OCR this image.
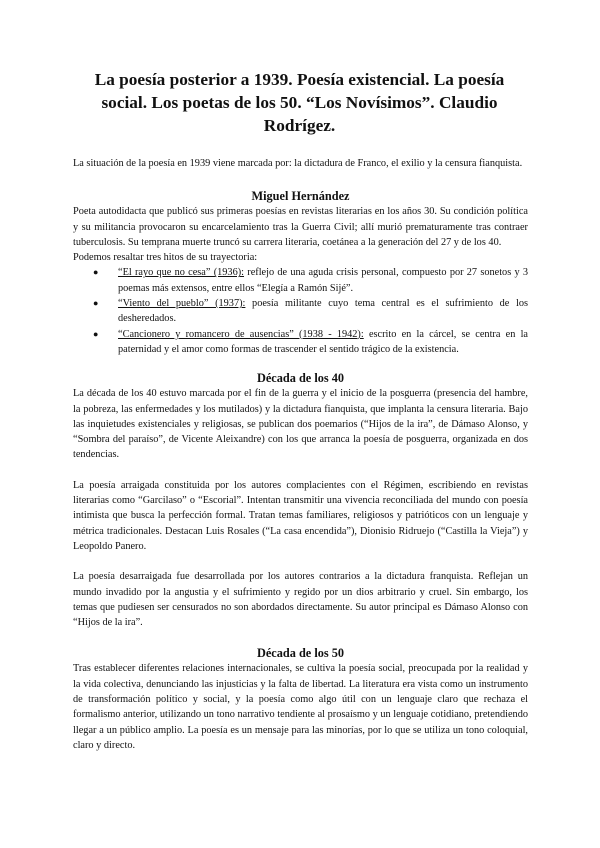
La poesía posterior a 1939. Poesía existencial. La poesía social. Los poetas de los 50. “Los Novísimos”. Claudio Rodrígez.

La situación de la poesía en 1939 viene marcada por: la dictadura de Franco, el exilio y la censura fianquista.

Miguel Hernández

Poeta autodidacta que publicó sus primeras poesías en revistas literarias en los años 30. Su condición política y su militancia provocaron su encarcelamiento tras la Guerra Civil; allí murió prematuramente tras contraer tuberculosis. Su temprana muerte truncó su carrera literaria, coetánea a la generación del 27 y de los 40.

Podemos resaltar tres hitos de su trayectoria:

● “El rayo que no cesa” (1936): reflejo de una aguda crisis personal, compuesto por 27 sonetos y 3 poemas más extensos, entre ellos “Elegía a Ramón Sijé”.
● “Viento del pueblo” (1937): poesía militante cuyo tema central es el sufrimiento de los desheredados.
● “Cancionero y romancero de ausencias” (1938 - 1942): escrito en la cárcel, se centra en la paternidad y el amor como formas de trascender el sentido trágico de la existencia.
Década de los 40

La década de los 40 estuvo marcada por el fin de la guerra y el inicio de la posguerra (presencia del hambre, la pobreza, las enfermedades y los mutilados) y la dictadura fianquista, que implanta la censura literaria. Bajo las inquietudes existenciales y religiosas, se publican dos poemarios (“Hijos de la ira”, de Dámaso Alonso, y “Sombra del paraíso”, de Vicente Aleixandre) con los que arranca la poesía de posguerra, organizada en dos tendencias.

La poesía arraigada constituida por los autores complacientes con el Régimen, escribiendo en revistas literarias como “Garcilaso” o “Escorial”. Intentan transmitir una vivencia reconciliada del mundo con poesía intimista que busca la perfección formal. Tratan temas familiares, religiosos y patrióticos con un lenguaje y métrica tradicionales. Destacan Luis Rosales (“La casa encendida”), Dionisio Ridruejo (“Castilla la Vieja”) y Leopoldo Panero.

La poesía desarraigada fue desarrollada por los autores contrarios a la dictadura franquista. Reflejan un mundo invadido por la angustia y el sufrimiento y regido por un dios arbitrario y cruel. Sin embargo, los temas que pudiesen ser censurados no son abordados directamente. Su autor principal es Dámaso Alonso con “Hijos de la ira”.

Década de los 50

Tras establecer diferentes relaciones internacionales, se cultiva la poesía social, preocupada por la realidad y la vida colectiva, denunciando las injusticias y la falta de libertad. La literatura era vista como un instrumento de transformación político y social, y la poesía como algo útil con un lenguaje claro que rechaza el formalismo anterior, utilizando un tono narrativo tendiente al prosaísmo y un lenguaje cotidiano, pretendiendo llegar a un público amplio. La poesía es un mensaje para las minorías, por lo que se utiliza un tono coloquial, claro y directo.
